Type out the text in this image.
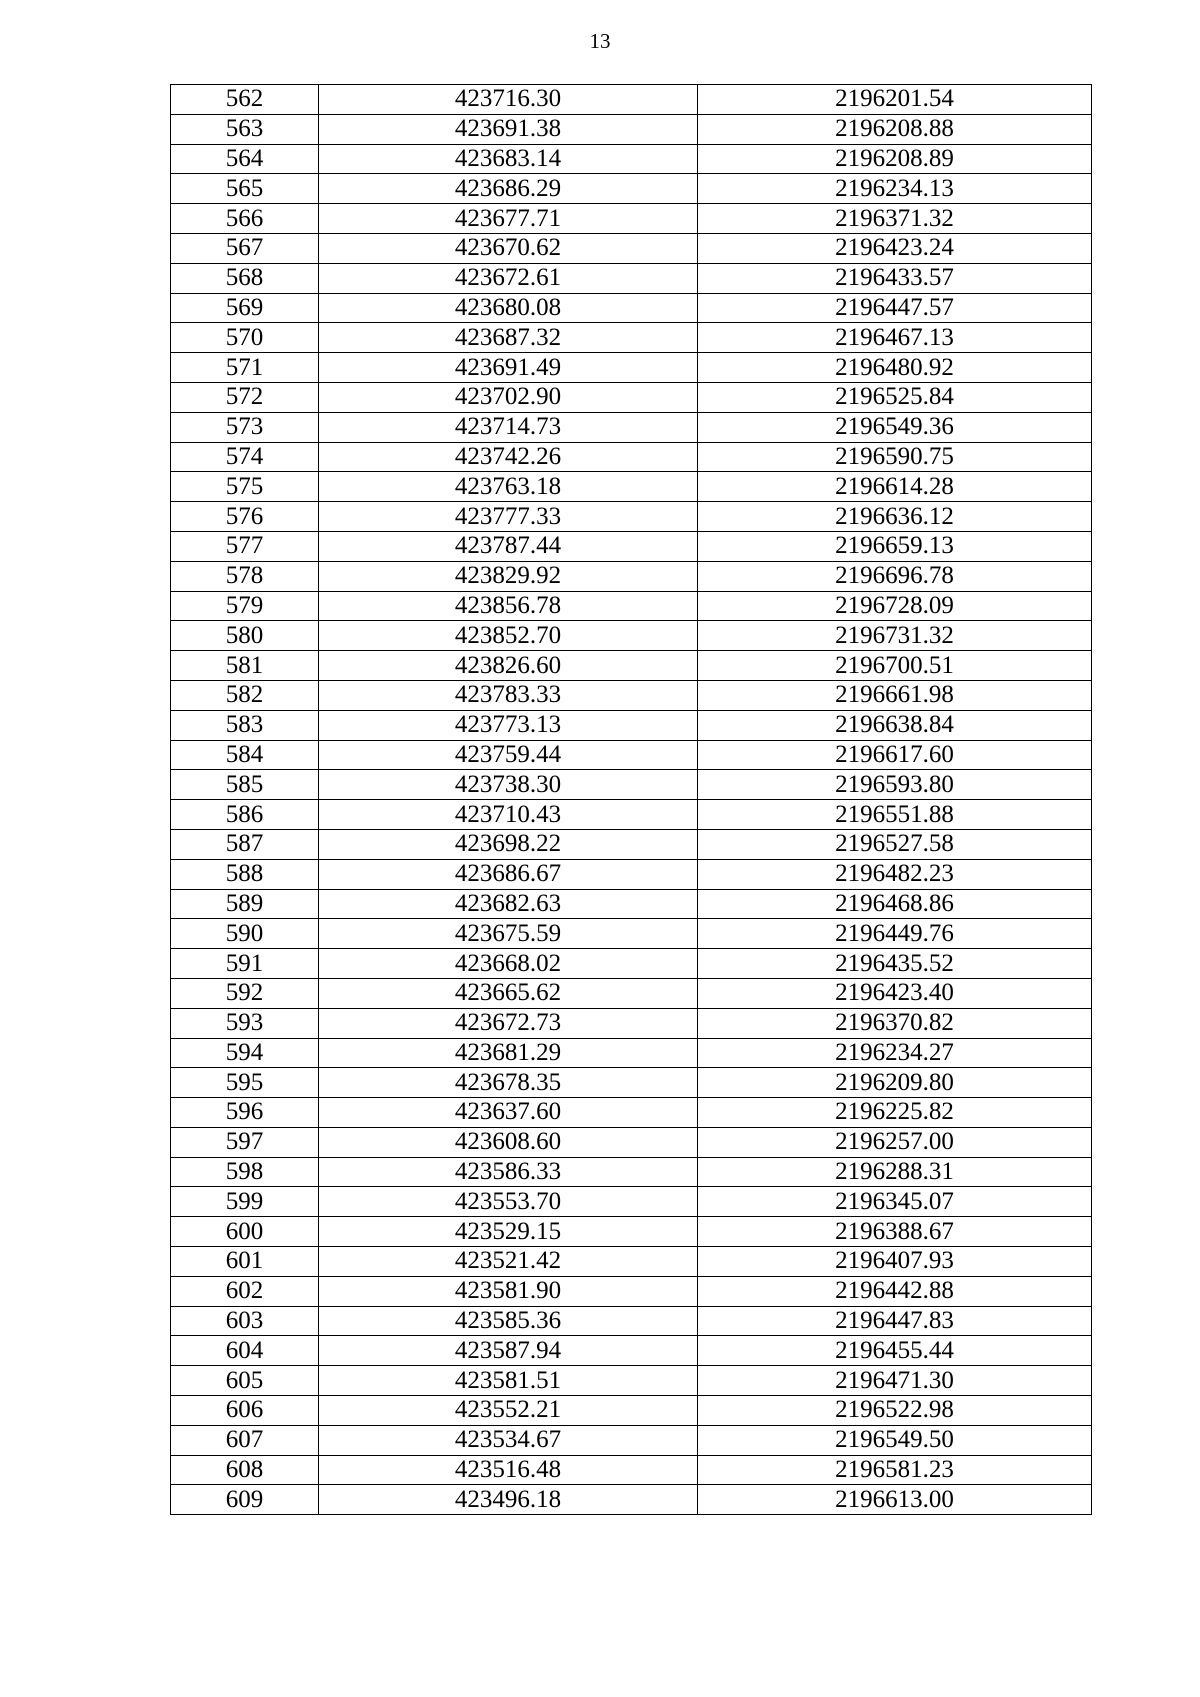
13
562	423716.30	2196201.54
563	423691.38	2196208.88
564	423683.14	2196208.89
565	423686.29	2196234.13
566	423677.71	2196371.32
567	423670.62	2196423.24
568	423672.61	2196433.57
569	423680.08	2196447.57
570	423687.32	2196467.13
571	423691.49	2196480.92
572	423702.90	2196525.84
573	423714.73	2196549.36
574	423742.26	2196590.75
575	423763.18	2196614.28
576	423777.33	2196636.12
577	423787.44	2196659.13
578	423829.92	2196696.78
579	423856.78	2196728.09
580	423852.70	2196731.32
581	423826.60	2196700.51
582	423783.33	2196661.98
583	423773.13	2196638.84
584	423759.44	2196617.60
585	423738.30	2196593.80
586	423710.43	2196551.88
587	423698.22	2196527.58
588	423686.67	2196482.23
589	423682.63	2196468.86
590	423675.59	2196449.76
591	423668.02	2196435.52
592	423665.62	2196423.40
593	423672.73	2196370.82
594	423681.29	2196234.27
595	423678.35	2196209.80
596	423637.60	2196225.82
597	423608.60	2196257.00
598	423586.33	2196288.31
599	423553.70	2196345.07
600	423529.15	2196388.67
601	423521.42	2196407.93
602	423581.90	2196442.88
603	423585.36	2196447.83
604	423587.94	2196455.44
605	423581.51	2196471.30
606	423552.21	2196522.98
607	423534.67	2196549.50
608	423516.48	2196581.23
609	423496.18	2196613.00
